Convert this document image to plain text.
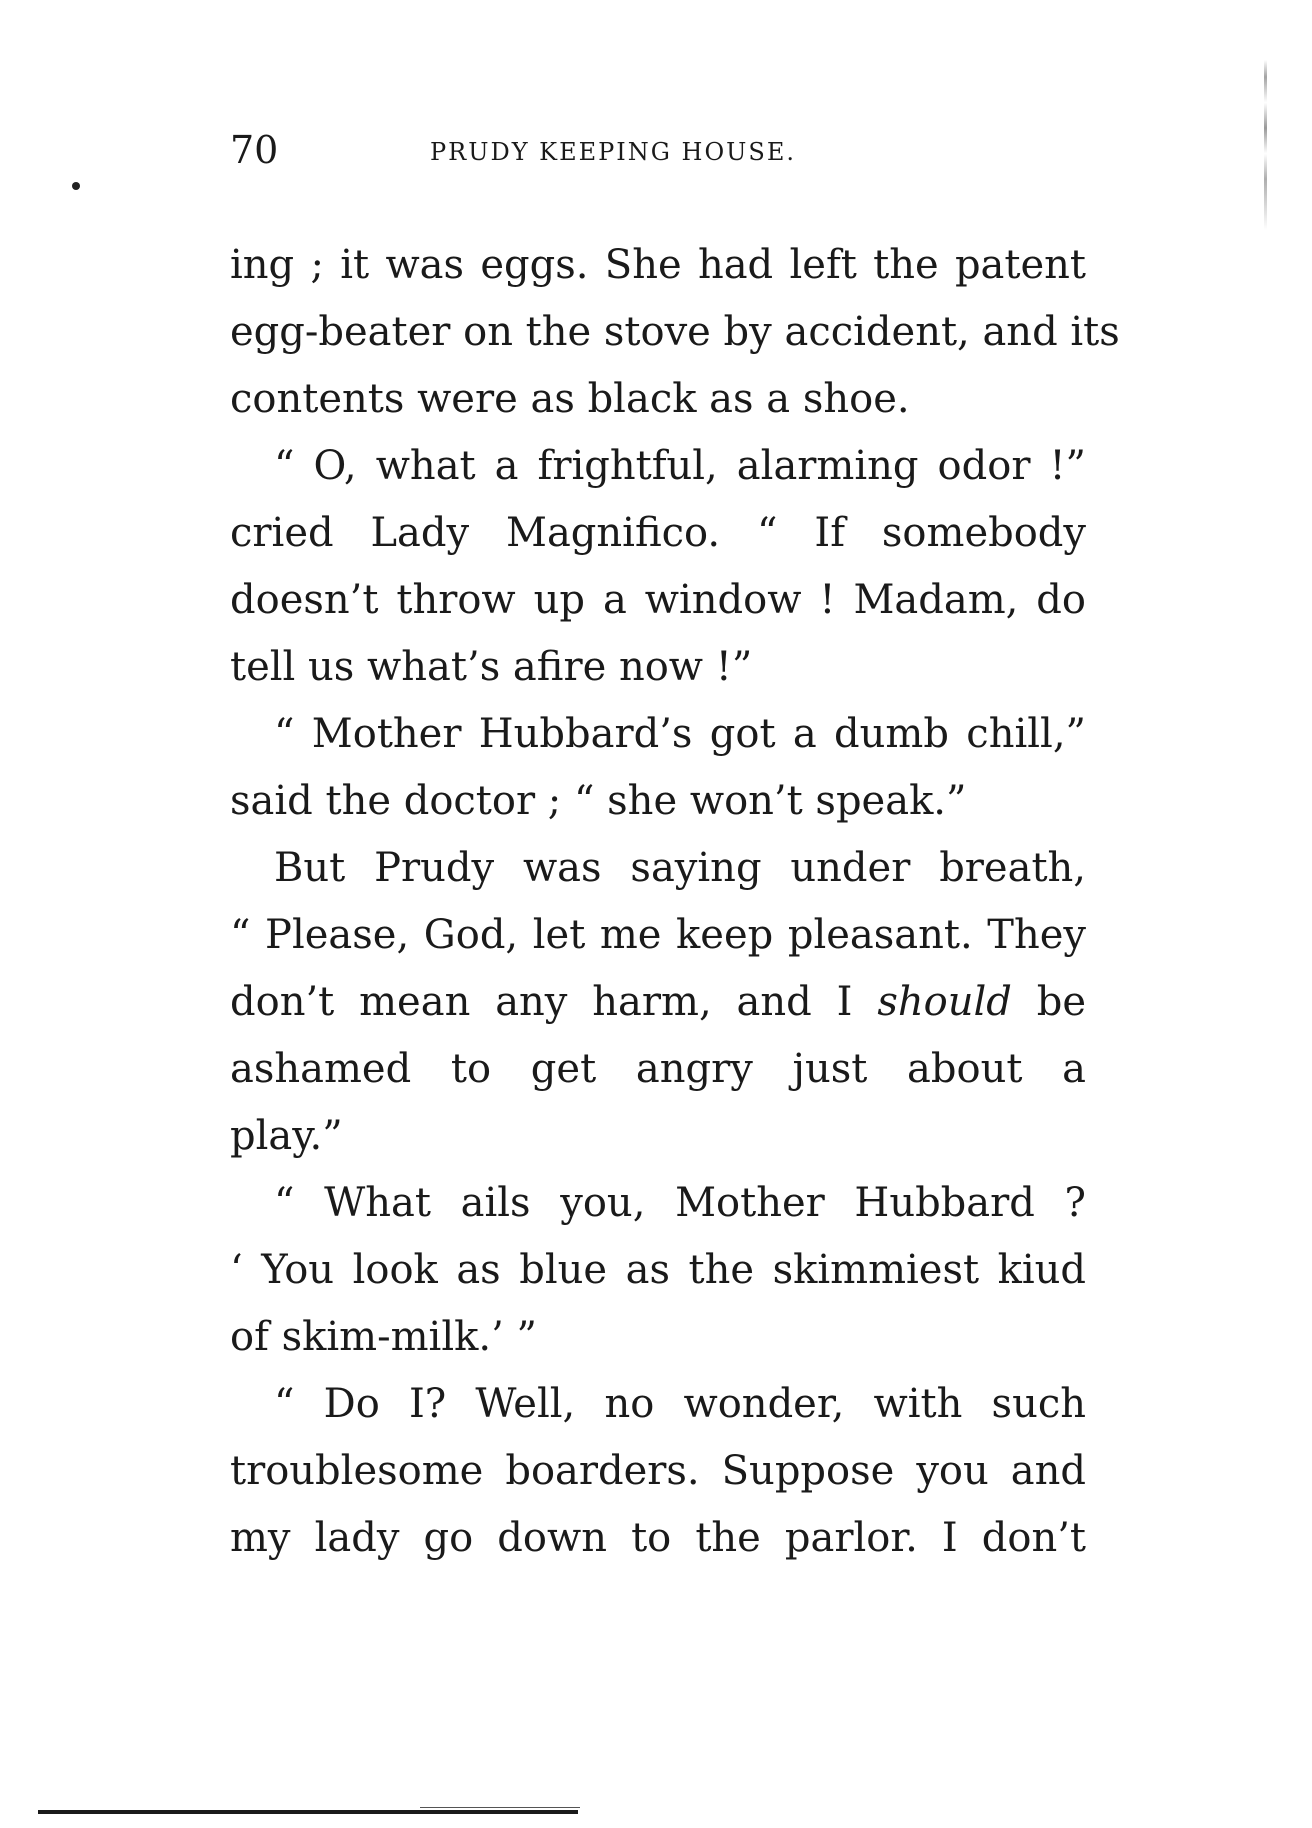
70	PRUDY KEEPING HOUSE.

ing ; it was eggs. She had left the patent
egg-beater on the stove by accident, and its
contents were as black as a shoe.

“ O, what a frightful, alarming odor !”
cried Lady Magnifico. “ If somebody
doesn’t throw up a window ! Madam, do
tell us what’s afire now !”

“ Mother Hubbard’s got a dumb chill,”
said the doctor ; “ she won’t speak.”

But Prudy was saying under breath,
“ Please, God, let me keep pleasant. They
don’t mean any harm, and I should be
ashamed to get angry just about a
play.”

“ What ails you, Mother Hubbard ?
‘ You look as blue as the skimmiest kiud
of skim-milk.’ ”

“ Do I? Well, no wonder, with such
troublesome boarders. Suppose you and
my lady go down to the parlor. I don’t
